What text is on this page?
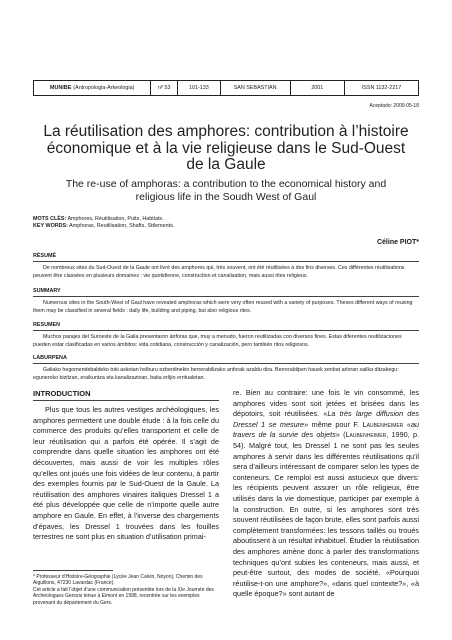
MUNIBE (Antropologia-Arkeologia)	nº 53	101-133	SAN SEBASTIAN	2001	ISSN 1132-2217
Aceptado: 2000-05-18
La réutilisation des amphores: contribution à l’histoire économique et à la vie religieuse dans le Sud-Ouest de la Gaule
The re-use of amphoras: a contribution to the economical history and religious life in the Soudh West of Gaul
MOTS CLÈS: Amphores, Réutilisation, Puits, Habitats.
KEY WORDS: Amphoras, Reutilisation, Shafts, Sttlements.
Céline PIOT*
RÉSUMÉ

De nombreux sites du Sud-Ouest de la Gaule ont livré des amphores qui, très souvent, ont été réutilisées à des fins diverses. Ces différentes réutilisations peuvent être classées en plusieurs domaines : vie quotidienne, construction et canalisation, mais aussi rites religieux.

SUMMARY

Numerous sites in the South-West of Gaul have revealed amphoras which were very often reused with a variety of purposes. Theses different ways of reusing them may be classified in several fields : daily life, building and piping, but also religious rites.

RESUMEN

Muchos parajes del Suroeste de la Galia presentaron ánforas que, muy a menudo, fueron reutilizadas con diversos fines. Estas diferentes reutilizaciones pueden estar clasificadas en varios ámbitos: vida cotidiana, construcción y canalización, pero también ritos religiosos.

LABURPENA

Galiako hegomendebaldeko toki askotan helburu ezberdinekin berrerabilizako anforak azaldu dira. Berrerabilpen hauek zenbat arloran sailka ditzakegu: eguneroko bizitzan, eraikuntza eta kanalizazioan, baita erlijio erritualetan.

INTRODUCTION

Plus que tous les autres vestiges archéologiques, les amphores permettent une double étude : à la fois celle du commerce des produits qu’elles transportent et celle de leur réutilisation qui a parfois été opérée. Il s’agit de comprendre dans quelle situation les amphores ont été découvertes, mais aussi de voir les multiples rôles qu’elles ont joués une fois vidées de leur contenu, à partir des exemples fournis par le Sud-Ouest de la Gaule. La réutilisation des amphores vinaires italiques Dressel 1 a été plus développée que celle de n’importe quelle autre amphore en Gaule. En effet, à l’inverse des chargements d’épaves, les Dressel 1 trouvées dans les fouilles terrestres ne sont plus en situation d’utilisation primai-

re. Bien au contraire: une fois le vin consommé, les amphores vides sont soit jetées et brisées dans les dépotoirs, soit réutilisées. «La très large diffusion des Dressel 1 se mesure» même pour F. Laubenheimer «au travers de la survie des objets» (Laubenheimer, 1990, p. 54). Malgré tout, les Dressel 1 ne sont pas les seules amphores à servir dans les différentes réutilisations qu’il sera d’ailleurs intéressant de comparer selon les types de conteneurs. Ce remploi est aussi astucieux que divers: les récipients peuvent assurer un rôle religieux, être utilisés dans la vie domestique, participer par exemple à la construction. En outre, si les amphores sont très souvent réutilisées de façon brute, elles sont parfois aussi complètement transformées: les tessons taillés ou troués aboutissent à un résultat inhabituel. Étudier la réutilisation des amphores amène donc à parler des transformations techniques qu’ont subies les conteneurs, mais aussi, et peut-être surtout, des modes de société. «Pourquoi réutilise-t-on une amphore?», «dans quel contexte?», «à quelle époque?» sont autant de

* Professeur d’Histoire-Géographie (Lycée Jean Calvin, Noyon), Chemin des Aiguillons, 47230 Lavardac (France).

Cet article a fait l’objet d’une communication présentée lors de la XIe Journée des Archéologues Gersois tenue à Eimont en 1998, recentrée sur les exemples provenant du département du Gers.
